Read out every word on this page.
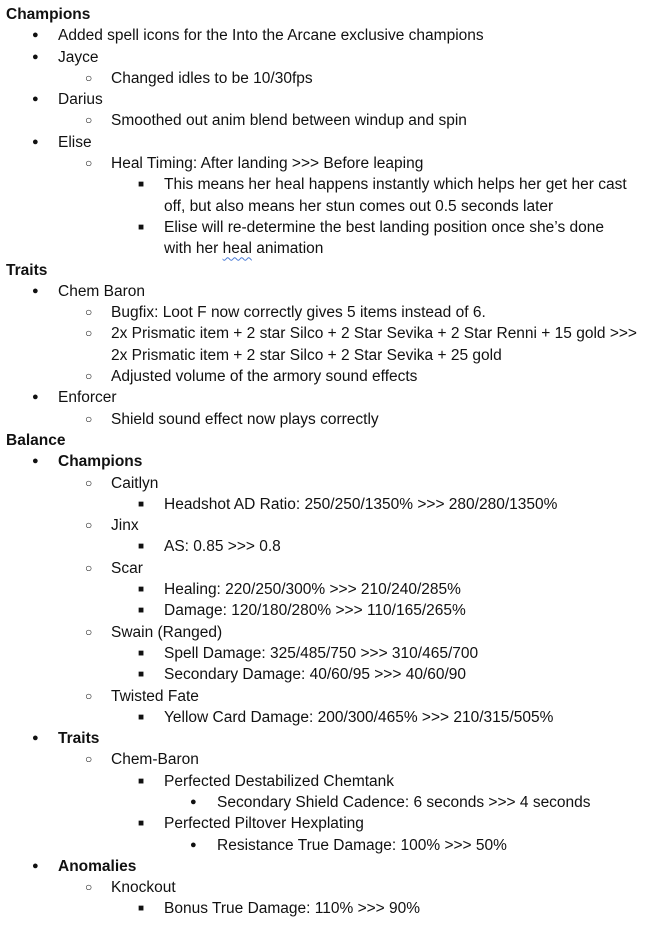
Champions
● Added spell icons for the Into the Arcane exclusive champions
● Jayce
○ Changed idles to be 10/30fps
● Darius
○ Smoothed out anim blend between windup and spin
● Elise
○ Heal Timing: After landing >>> Before leaping
■ This means her heal happens instantly which helps her get her cast off, but also means her stun comes out 0.5 seconds later
■ Elise will re-determine the best landing position once she’s done with her heal animation
Traits
● Chem Baron
○ Bugfix: Loot F now correctly gives 5 items instead of 6.
○ 2x Prismatic item + 2 star Silco + 2 Star Sevika + 2 Star Renni + 15 gold >>> 2x Prismatic item + 2 star Silco + 2 Star Sevika + 25 gold
○ Adjusted volume of the armory sound effects
● Enforcer
○ Shield sound effect now plays correctly
Balance
● Champions
○ Caitlyn
■ Headshot AD Ratio: 250/250/1350% >>> 280/280/1350%
○ Jinx
■ AS: 0.85 >>> 0.8
○ Scar
■ Healing: 220/250/300% >>> 210/240/285%
■ Damage: 120/180/280% >>> 110/165/265%
○ Swain (Ranged)
■ Spell Damage: 325/485/750 >>> 310/465/700
■ Secondary Damage: 40/60/95 >>> 40/60/90
○ Twisted Fate
■ Yellow Card Damage: 200/300/465% >>> 210/315/505%
● Traits
○ Chem-Baron
■ Perfected Destabilized Chemtank
● Secondary Shield Cadence: 6 seconds >>> 4 seconds
■ Perfected Piltover Hexplating
● Resistance True Damage: 100% >>> 50%
● Anomalies
○ Knockout
■ Bonus True Damage: 110% >>> 90%
